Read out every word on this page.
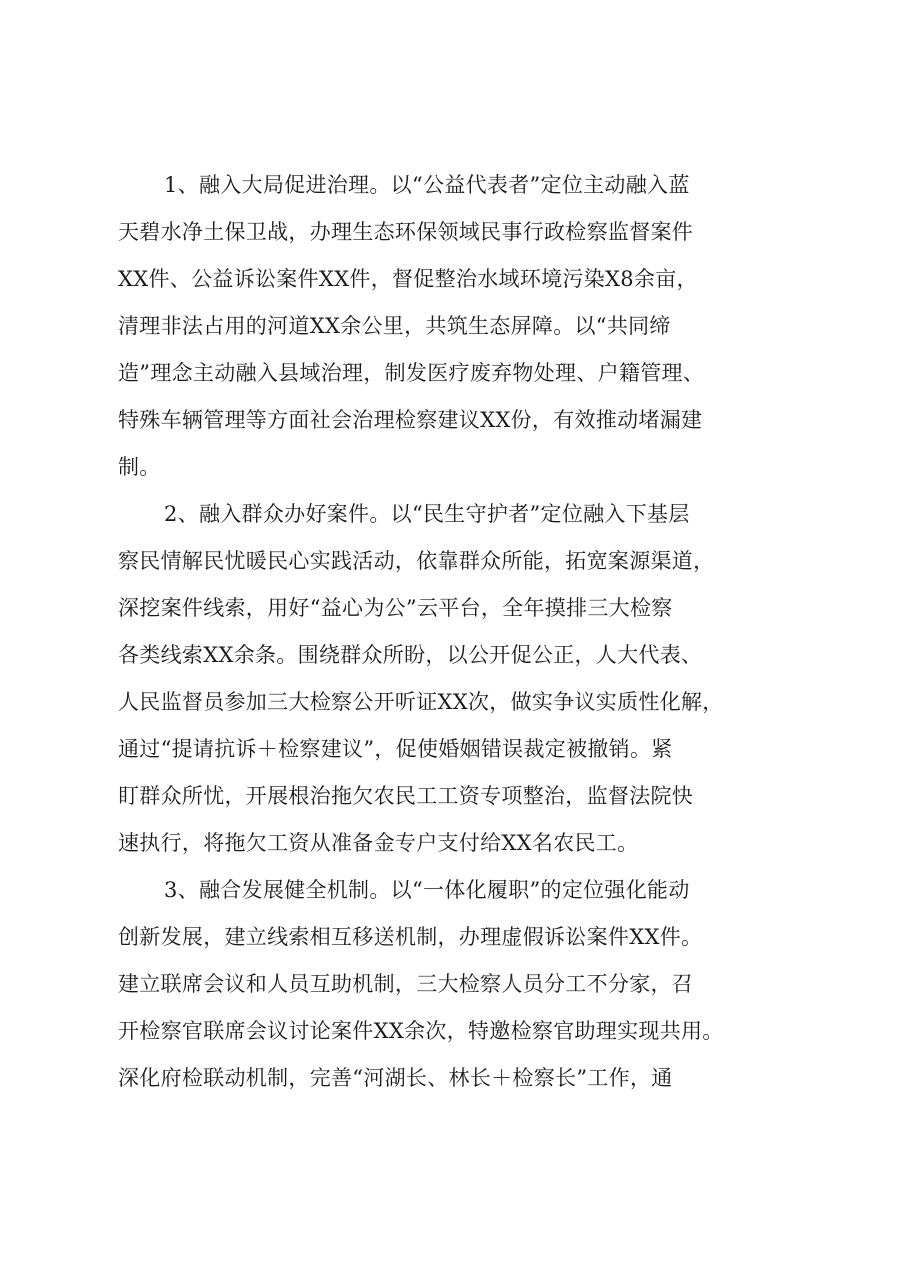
1、融入大局促进治理。以“公益代表者”定位主动融入蓝
天碧水净土保卫战，办理生态环保领域民事行政检察监督案件
XX件、公益诉讼案件XX件，督促整治水域环境污染X8余亩，
清理非法占用的河道XX余公里，共筑生态屏障。以“共同缔
造”理念主动融入县域治理，制发医疗废弃物处理、户籍管理、
特殊车辆管理等方面社会治理检察建议XX份，有效推动堵漏建
制。
2、融入群众办好案件。以“民生守护者”定位融入下基层
察民情解民忧暖民心实践活动，依靠群众所能，拓宽案源渠道，
深挖案件线索，用好“益心为公”云平台，全年摸排三大检察
各类线索XX余条。围绕群众所盼，以公开促公正，人大代表、
人民监督员参加三大检察公开听证XX次，做实争议实质性化解，
通过“提请抗诉＋检察建议”，促使婚姻错误裁定被撤销。紧
盯群众所忧，开展根治拖欠农民工工资专项整治，监督法院快
速执行，将拖欠工资从准备金专户支付给XX名农民工。
3、融合发展健全机制。以“一体化履职”的定位强化能动
创新发展，建立线索相互移送机制，办理虚假诉讼案件XX件。
建立联席会议和人员互助机制，三大检察人员分工不分家，召
开检察官联席会议讨论案件XX余次，特邀检察官助理实现共用。
深化府检联动机制，完善“河湖长、林长＋检察长”工作，通
